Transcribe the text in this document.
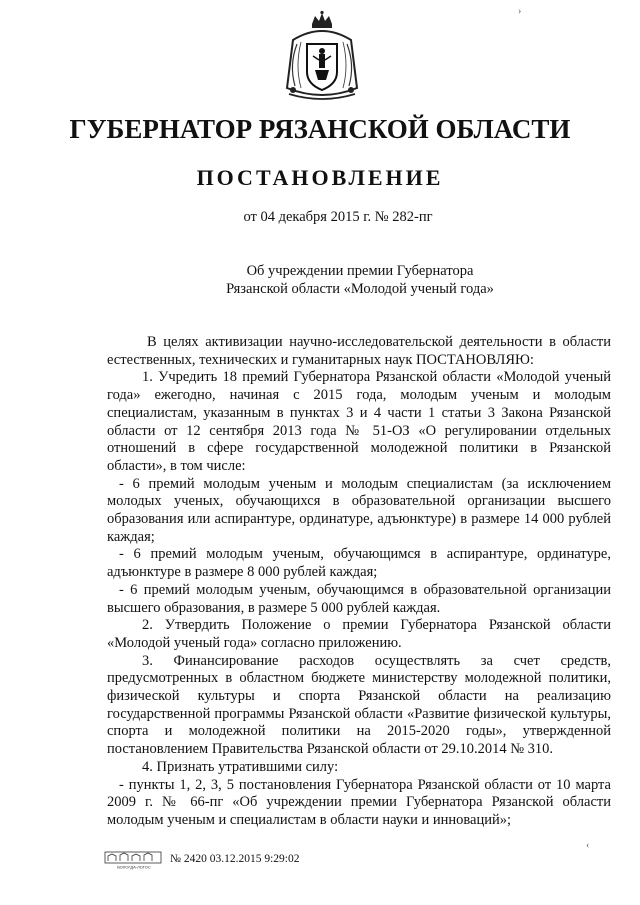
ГУБЕРНАТОР РЯЗАНСКОЙ ОБЛАСТИ
ПОСТАНОВЛЕНИЕ
от 04 декабря 2015 г. № 282-пг
Об учреждении премии Губернатора
Рязанской области «Молодой ученый года»

В целях активизации научно-исследовательской деятельности в области естественных, технических и гуманитарных наук ПОСТАНОВЛЯЮ:

1. Учредить 18 премий Губернатора Рязанской области «Молодой ученый года» ежегодно, начиная с 2015 года, молодым ученым и молодым специалистам, указанным в пунктах 3 и 4 части 1 статьи 3 Закона Рязанской области от 12 сентября 2013 года № 51-ОЗ «О регулировании отдельных отношений в сфере государственной молодежной политики в Рязанской области», в том числе:

- 6 премий молодым ученым и молодым специалистам (за исключением молодых ученых, обучающихся в образовательной организации высшего образования или аспирантуре, ординатуре, адъюнктуре) в размере 14 000 рублей каждая;

- 6 премий молодым ученым, обучающимся в аспирантуре, ординатуре, адъюнктуре в размере 8 000 рублей каждая;

- 6 премий молодым ученым, обучающимся в образовательной организации высшего образования, в размере 5 000 рублей каждая.

2. Утвердить Положение о премии Губернатора Рязанской области «Молодой ученый года» согласно приложению.

3. Финансирование расходов осуществлять за счет средств, предусмотренных в областном бюджете министерству молодежной политики, физической культуры и спорта Рязанской области на реализацию государственной программы Рязанской области «Развитие физической культуры, спорта и молодежной политики на 2015-2020 годы», утвержденной постановлением Правительства Рязанской области от 29.10.2014 № 310.

4. Признать утратившими силу:

- пункты 1, 2, 3, 5 постановления Губернатора Рязанской области от 10 марта 2009 г. № 66-пг «Об учреждении премии Губернатора Рязанской области молодым ученым и специалистам в области науки и инноваций»;

ВОЛОГДА-ЛОГОС
№ 2420 03.12.2015 9:29:02
›
‹
